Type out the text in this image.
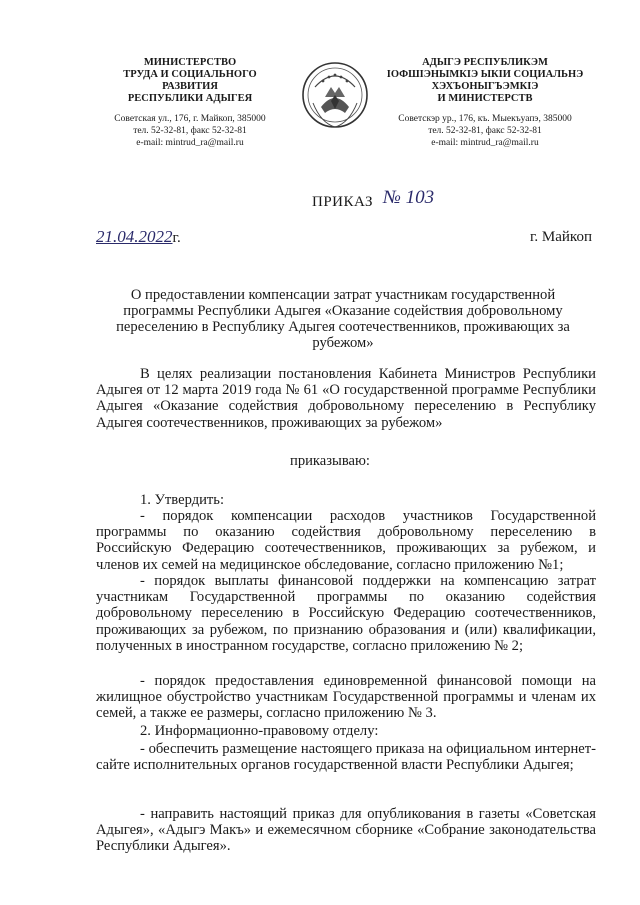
МИНИСТЕРСТВО
ТРУДА И СОЦИАЛЬНОГО
РАЗВИТИЯ
РЕСПУБЛИКИ АДЫГЕЯ
Советская ул., 176, г. Майкоп, 385000
тел. 52-32-81, факс 52-32-81
e-mail: mintrud_ra@mail.ru
АДЫГЭ РЕСПУБЛИКЭМ
ІОФШІЭНЫМКІЭ ЫКІИ СОЦИАЛЬНЭ
ХЭХЪОНЫГЪЭМКІЭ
И МИНИСТЕРСТВ
Советскэр ур., 176, къ. Мыекъуапэ, 385000
тел. 52-32-81, факс 52-32-81
e-mail: mintrud_ra@mail.ru
ПРИКАЗ № 103
21.04.2022г.	г. Майкоп
О предоставлении компенсации затрат участникам государственной программы Республики Адыгея «Оказание содействия добровольному переселению в Республику Адыгея соотечественников, проживающих за рубежом»
В целях реализации постановления Кабинета Министров Республики Адыгея от 12 марта 2019 года № 61 «О государственной программе Республики Адыгея «Оказание содействия добровольному переселению в Республику Адыгея соотечественников, проживающих за рубежом»
приказываю:
1. Утвердить:
- порядок компенсации расходов участников Государственной программы по оказанию содействия добровольному переселению в Российскую Федерацию соотечественников, проживающих за рубежом, и членов их семей на медицинское обследование, согласно приложению №1;
- порядок выплаты финансовой поддержки на компенсацию затрат участникам Государственной программы по оказанию содействия добровольному переселению в Российскую Федерацию соотечественников, проживающих за рубежом, по признанию образования и (или) квалификации, полученных в иностранном государстве, согласно приложению № 2;
- порядок предоставления единовременной финансовой помощи на жилищное обустройство участникам Государственной программы и членам их семей, а также ее размеры, согласно приложению № 3.
2. Информационно-правовому отделу:
- обеспечить размещение настоящего приказа на официальном интернет-сайте исполнительных органов государственной власти Республики Адыгея;
- направить настоящий приказ для опубликования в газеты «Советская Адыгея», «Адыгэ Макъ» и ежемесячном сборнике «Собрание законодательства Республики Адыгея».
